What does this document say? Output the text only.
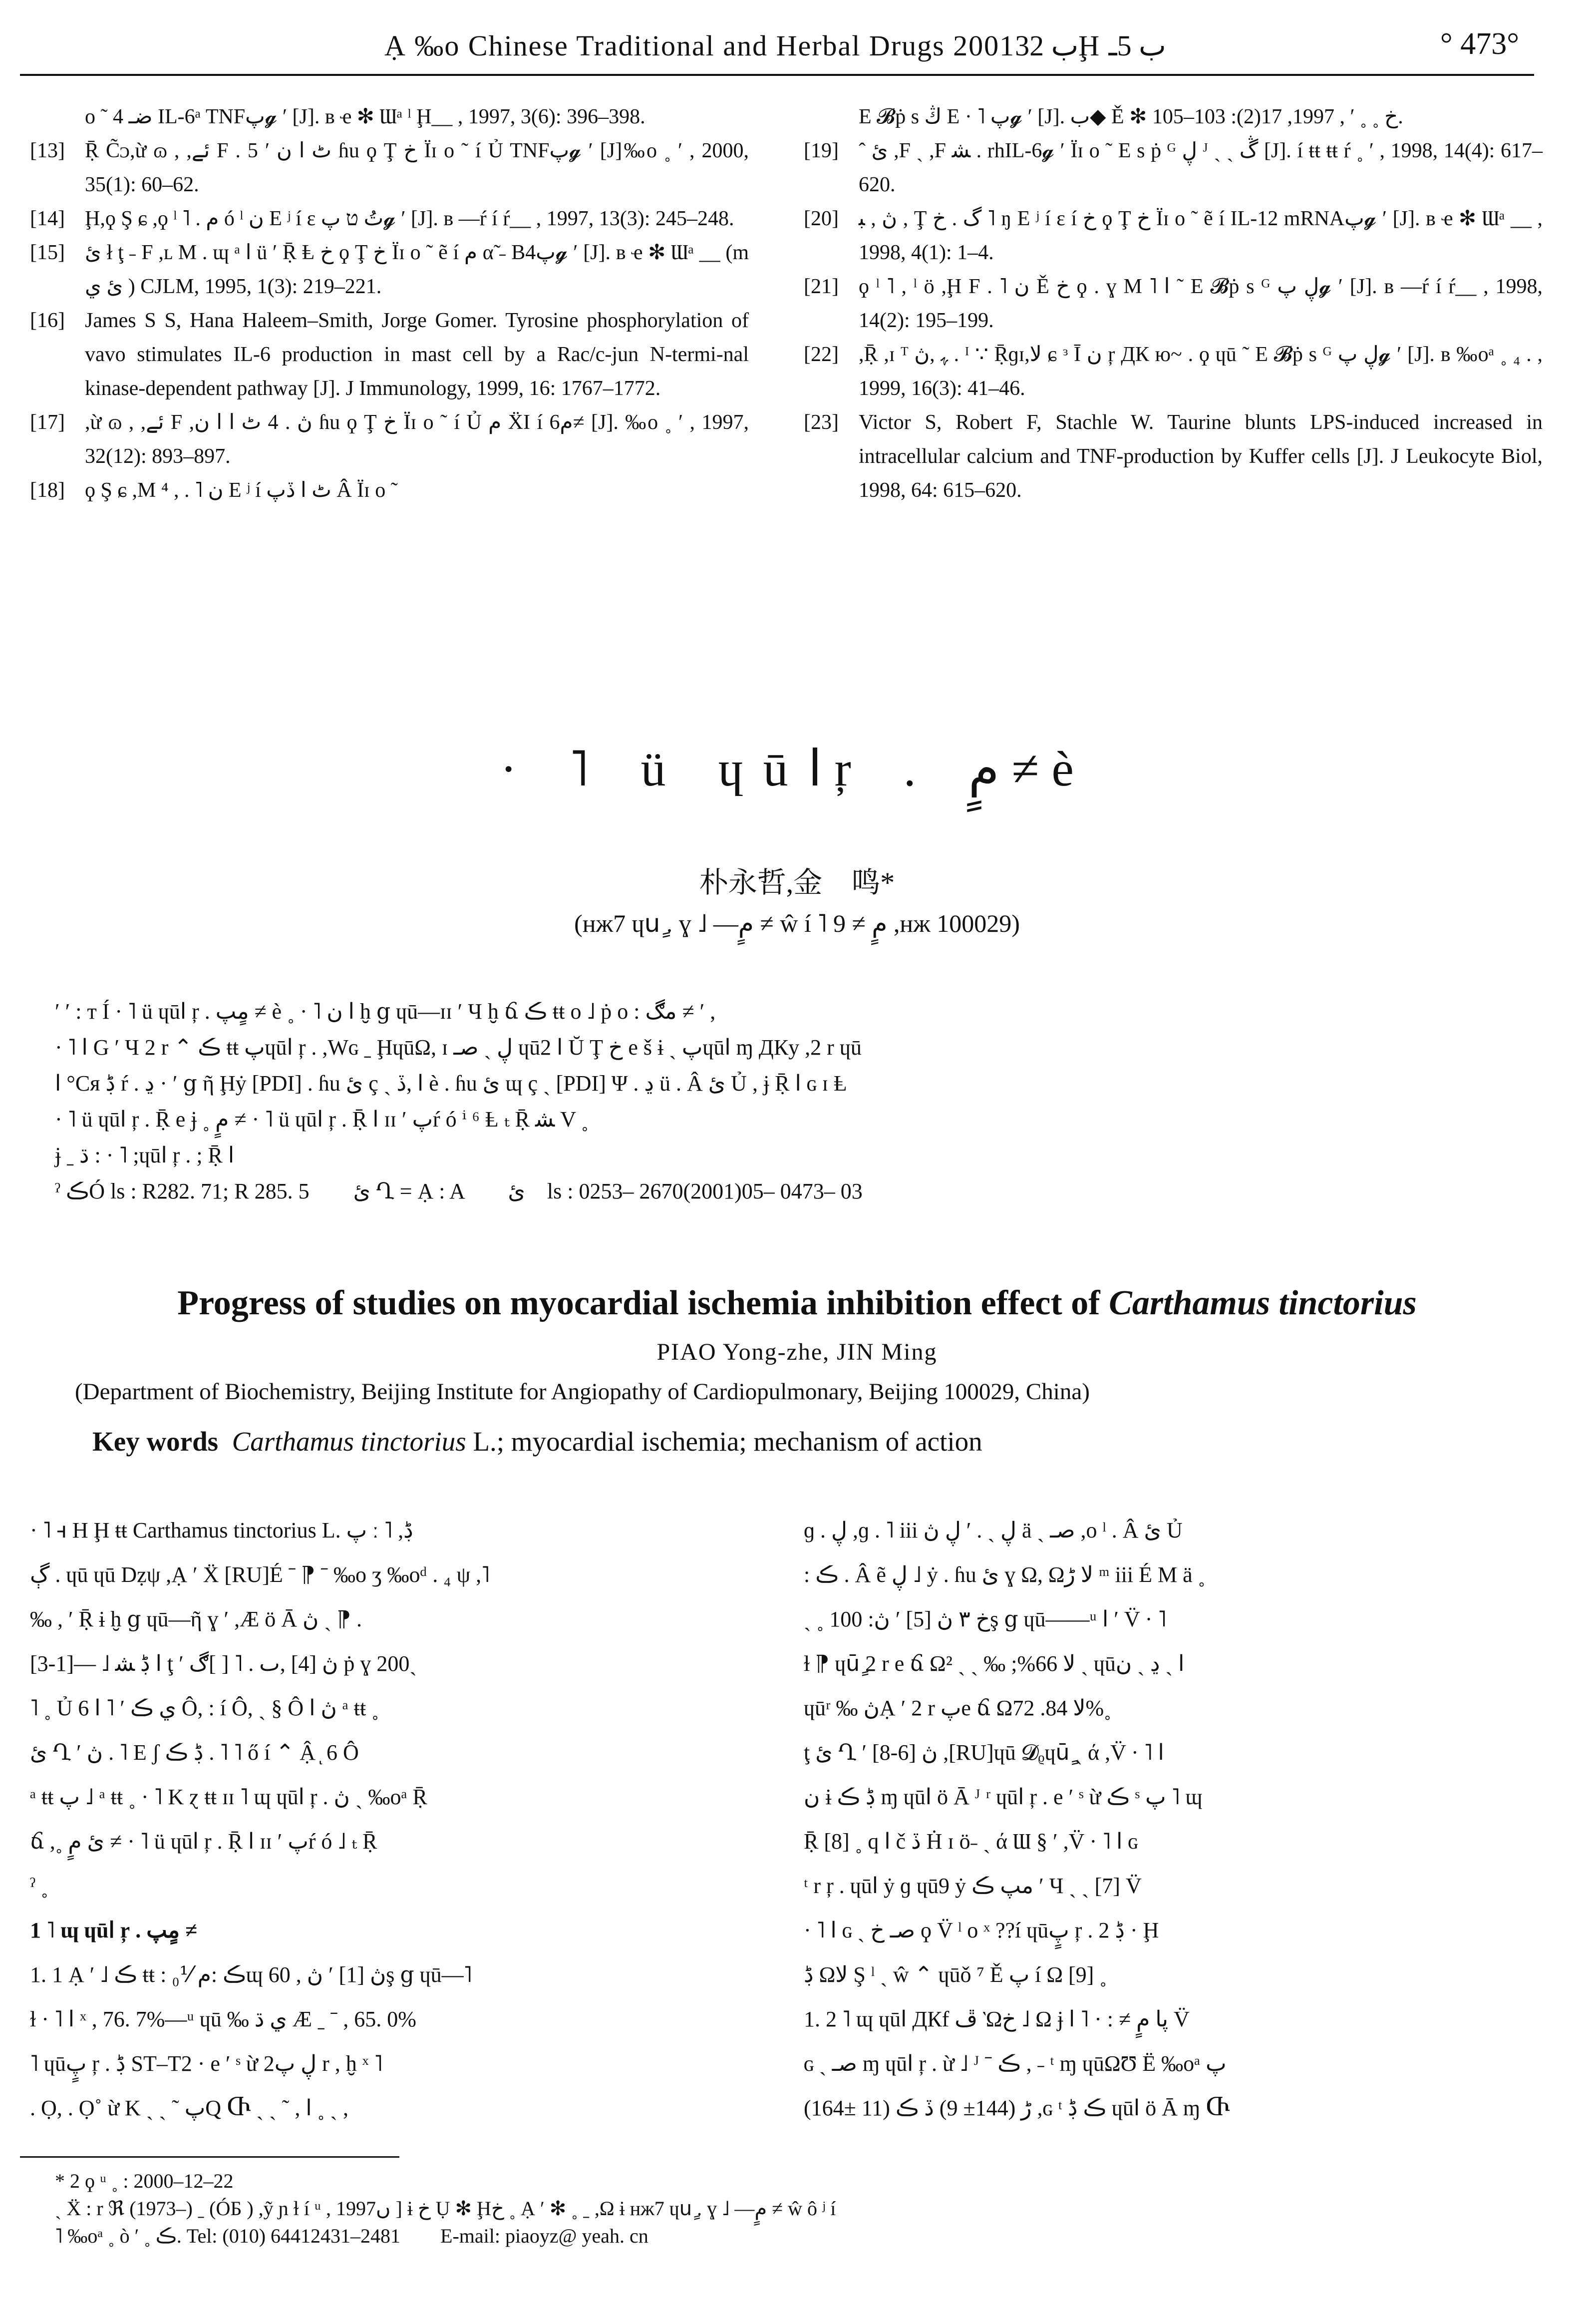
Ạ ‰o Chinese Traditional and Herbal Drugs 2001ب 32Ḩ ب 5ـ	° 473°

ο ˜ 4 ضـ IL-6ᵃ TNFپ𝓰 ′ [J]. ʙ ҽ ✻ Ɯᵃ ˡ Ḩ__ , 1997, 3(6): 396–398.

[13] Ṝ C̃ᴐ,ừ ɷ , ,ئے F . 5 ′ ٹ ا ن ɦu ϙ Ţ خ Ϊɪ ο ˜ í Ủ TNFپ𝓰 ′ [J]‰o ˳ ′ , 2000, 35(1): 60–62.

[14] Ḩ,ϙ Ş ɕ ,ϙ ˡ ˥ . م ó ˡ ن E ʲ í ɛ تُ ט پ𝓰 ′ [J]. ʙ —ŕ í ŕ__ , 1997, 13(3): 245–248.

[15] ئ ł ţ ˗ F ,ʟ M . ɰ ᵃ ا ü ′ Ṝ Ⱡ خ ϙ Ţ خ Ϊɪ ο ˜ ẽ í م α̃ ˗ B4پ𝓰 ′ [J]. ʙ ҽ ✻ Ɯᵃ __ (m ئ ي ) CJLM, 1995, 1(3): 219–221.

[16] James S S, Hana Haleem–Smith, Jorge Gomer. Tyrosine phosphorylation of vavo stimulates IL-6 production in mast cell by a Rac/c-jun N-termi-nal kinase-dependent pathway [J]. J Immunology, 1999, 16: 1767–1772.

[17] ,ừ ɷ , ,ئے F ,ڽ . 4 ٹ ا ا ن ɦu ϙ Ţ خ Ϊɪ ο ˜ í Ủ م ẌI í 6م≠ [J]. ‰o ˳ ′ , 1997, 32(12): 893–897.

[18] ϙ Ş ɕ ,M ⁴ , . ˥ ن E ʲ í ٹ ا ڏپ Â Ϊɪ ο ˜

E 𝓑ṗ s ڭ E · ˥ پ𝓰 ′ [J]. ب◆ Ě ✻ خ ˳ ˳ ′ , 1997, 17(2): 103–105.

[19] ˆ ئ ,F ˏ ,F ﺸ . rhIL-6𝓰 ′ Ϊɪ ο ˜ E s ṗ ᴳ ڸ ᴶ ˎ ˏ ڴ [J]. í ŧŧ ŧŧ ŕ ˳ ′ , 1998, 14(4): 617–620.

[20] ڽ , ﺒ , Ţ گ . خ ˥ ŋ E ʲ í ɛ í خ ϙ Ţ خ Ϊɪ ο ˜ ẽ í IL-12 mRNAپ𝓰 ′ [J]. ʙ ҽ ✻ Ɯᵃ __ , 1998, 4(1): 1–4.

[21] ϙ ˡ ˥ , ˡ ö ,Ḩ F . ˥ ن Ě خ ϙ . ɣ M ˥ ا ˜ E 𝓑ṗ s ᴳ ڸ پ𝓰 ′ [J]. ʙ —ŕ í ŕ__ , 1998, 14(2): 195–199.

[22] ,Ṝ ,ɪ ᵀ ﮩ ,ڽ . ᴵ ∵ Ṝɡɪ,لا ɕ ᵌ Ī ن ŗ ДК ю~ . ϙ ɥū ˜ E 𝓑ṗ s ᴳ ڸ پ𝓰 ′ [J]. ʙ ‰oᵃ ˳ ₄ . , 1999, 16(3): 41–46.

[23] Victor S, Robert F, Stachle W. Taurine blunts LPS-induced increased in intracellular calcium and TNF-production by Kuffer cells [J]. J Leukocyte Biol, 1998, 64: 615–620.

· ˥ ü ɥūا ŗ . مٍ ≠ è
朴永哲,金　鸣*
(ʜж7 ɥuٍ . ɣ ˩ —مٍ ≠ ŵ í ˥ مٍ ≠ 9 ,ʜж 100029)

′ ′ : ᴛ Í · ˥ ü ɥūا ŗ . مٍپ ≠ è ˳ · ˥ ا ن ḫ ց ɥū—ɪɪ ′ Ч ḫ ճ ڪ ŧŧ ο ˩ ṗ ο : مڰ ≠ ′ ,

· ˥ ا G ′ Ч 2 r ⌃ ڪ ŧŧ پɥūا ŗ . ,Wɢ ˍ ḨɥūΩ, ɪ ڸ ˏ صـ ɥūا 2 Ŭ Ţ خ e š ɨ ˏ پɥūا ɱ ДКy ,2 r ɥū

ا °Cя ڋ ŕ . ڍ · ′ ց ῆ Ḩẏ [PDI] . ɦu ئ ç ˏ ا ,ڏ è . ɦu ئ ɰ ç ˏ [PDI] Ψ . ڍ ü . Â ئ Ủ , ɉ Ṝ ا ɢ ɪ Ⱡ

· ˥ ü ɥūا ŗ . Ṝ e ɉ ˳ مٍ ≠ · ˥ ü ɥūا ŗ . Ṝ ا ɪɪ ′ پŕ ó ⁱ ⁶ Ⱡ ₜ Ṝ ﺸ V ˳

ɉ ˍ ڌ : · ˥ ;ɥūا ŗ . ; Ṝ ا

ˀ ڪÓ ls : R282. 71; R 285. 5　　ئ Ղ = Ạ : A　　ئ　ls : 0253– 2670(2001)05– 0473– 03

Progress of studies on myocardial ischemia inhibition effect of Carthamus tinctorius
PIAO Yong-zhe, JIN Ming
(Department of Biochemistry, Beijing Institute for Angiopathy of Cardiopulmonary, Beijing 100029, China)
Key words Carthamus tinctorius L.; myocardial ischemia; mechanism of action

· ˥ ꟶ H Ḩ ŧŧ Carthamus tinctorius L. پ ː ˥ ,ڋ

ڳ . ɥū ɥū Dẓψ ,Ạ ′ Ẍ [RU]É ˉ ⁋ ˉ ‰o ʒ ‰oᵈ . ₄ ψ ,˥

‰ , ′ Ṝ ɨ ḫ ց ɥū—ῆ ɣ ′ ,Ӕ ö Ā ڽ ˏ ⁋ .

ا ڋ ﺸ ˩ —[1-3] ţ ′ ڽ [4] ,ٮ . ˥ [ ]ڰ ṗ ɣ 200ˏ

˥ ˳ Ủ ي ڪ ′ ˥ ا 6 Ô, : í Ô, ˏ § Ô ڽ ا ᵃ ŧŧ ˳

ئ Ղ ′ ڽ . ˥ E ʃ ڋ ڪ . ˥ ˥ ő í ⌃ Ậ ͅ 6 Ô

ᵃ ŧŧ پ ˩ ᵃ ŧŧ ˳ · ˥ K ɀ ŧŧ ɪɪ ˥ ɰ ɥūا ŗ . ڽ ˏ ‰oᵃ Ṝ

ճ ,˳ ئ مٍ ≠ · ˥ ü ɥūا ŗ . Ṝ ا ɪɪ ′ پŕ ó ˩ ₜ Ṝ

ˀ ˳

1 ˥ ɰ ɥūا ŗ . مٍپ ≠

1. 1 Ạ ′ ˩ ڪ ŧŧ : ڪ :م ⅟₀ɰ ڽ [1] ′ ڽ , 60ş ց ɥū—˥

ɫ · ˥ ا ˣ , 76. 7%—ᵘ ɥū ‰ ي ڌ Ӕ ˍ ˉ , 65. 0%

˥ ɥūپٍ ŗ . ڋ ST–T2 · e ′ ˢ ừ ڸ پ2 r , ḫ ˣ ˥

. Ọ, . Ọ˚ ừ K ˏ ˏ ˜ پQ Ⴇ ˏ ˏ ˜ , ا ˳ ˏ ,

ɡ . ڸ ,ɡ . ˥ iii ڸ ˏ . ′ ڸ ڽ ä ˏ صـ ,o ˡ . Â ئ Ủ

: ڪ . Â ẽ ڸ ˩ ẏ . ɦu ئ ɣ Ω, Ωلا ڑ ᵐ iii É M ä ˳

ˏ ˳ خ ٣ ڽ [5] ′ ڽ: 100ş ց ɥū——ᵘ ا ′ V̈ · ˥

ɫ ⁋ ɥūٍ 2 r e ճ Ωلا 66%; ‰ ˏ ˏ ² ˏ ɥūا ˏ ڍ ˏ ن

ɥūʳ ‰ ڽẠ ′ 2 r پe ճ Ωلا 84. 72%˳

ţ ئ Ղ ′ ڽ [6-8] ,[RU]ɥū 𝓓ᵨɥūٍ ˏ ά ,V̈ · ˥ ا

ن ɨ ڋ ڪ ɱ ɥūا ö Ā ᴶ ʳ ɥūا ŗ . e ′ ˢ ừ ڪ ˢ پ ˥ ɰ

Ṝ [8] ˳ q ا č ڏ Ḣ ɪ ö˗ ˏ ά Ɯ § ′ ,V̈ · ˥ ا ɢ

ᵗ r ŗ . ɥūا ẏ ɡ ɥū9 ẏ مپ ڪ ′ Ч ˏ ˏ [7] V̈

· ˥ ا ɢ ˏ صـ خ ϙ V̈ ˡ ο ˣ ??í ɥūپٍ ŗ . ڋ 2 · Ḩ

ڋ Ωلا Ş ˡ ˏ ŵ ⌃ ɥūǒ ⁷ Ě پ í Ω [9] ˳

1. 2 ˥ ɰ ɥūا ДКf ڦ Ὼخ ˩ Ω ɉ پا مٍ ≠ : · ˥ ا V̈

ɢ ˏ صـ ɱ ɥūا ŗ . ừ ˩ ᴶ ˉ ڪ , ˗ ᵗ ɱ ɥūΩƱ Ë ‰oᵃ پ

(164± 11) ڑ (144± 9) ڏ ڪ ,ɢ ᵗ ڪ ڋ ɥūا ö Ā ɱ Ⴇ

* 2 ϙ ᵘ ˳ : 2000–12–22

ˏ Ẍ : r ℜ (1973–) ˍ (ÓƂ ) ,ỹ ɲ ɫ í ᵘ , 1997ں ] ɨ خ Ụ ✻ Ḩخ ˳ Ạ ′ ✻ ˳ ˍ ,Ω ɨ ʜж7 ɥuٍ . ɣ ˩ —مٍ ≠ ŵ ô ʲ í

˥ ‰oᵃ ˳ ò ′ ˳ ڪ. Tel: (010) 64412431–2481　　E-mail: piaoyz@ yeah. cn
